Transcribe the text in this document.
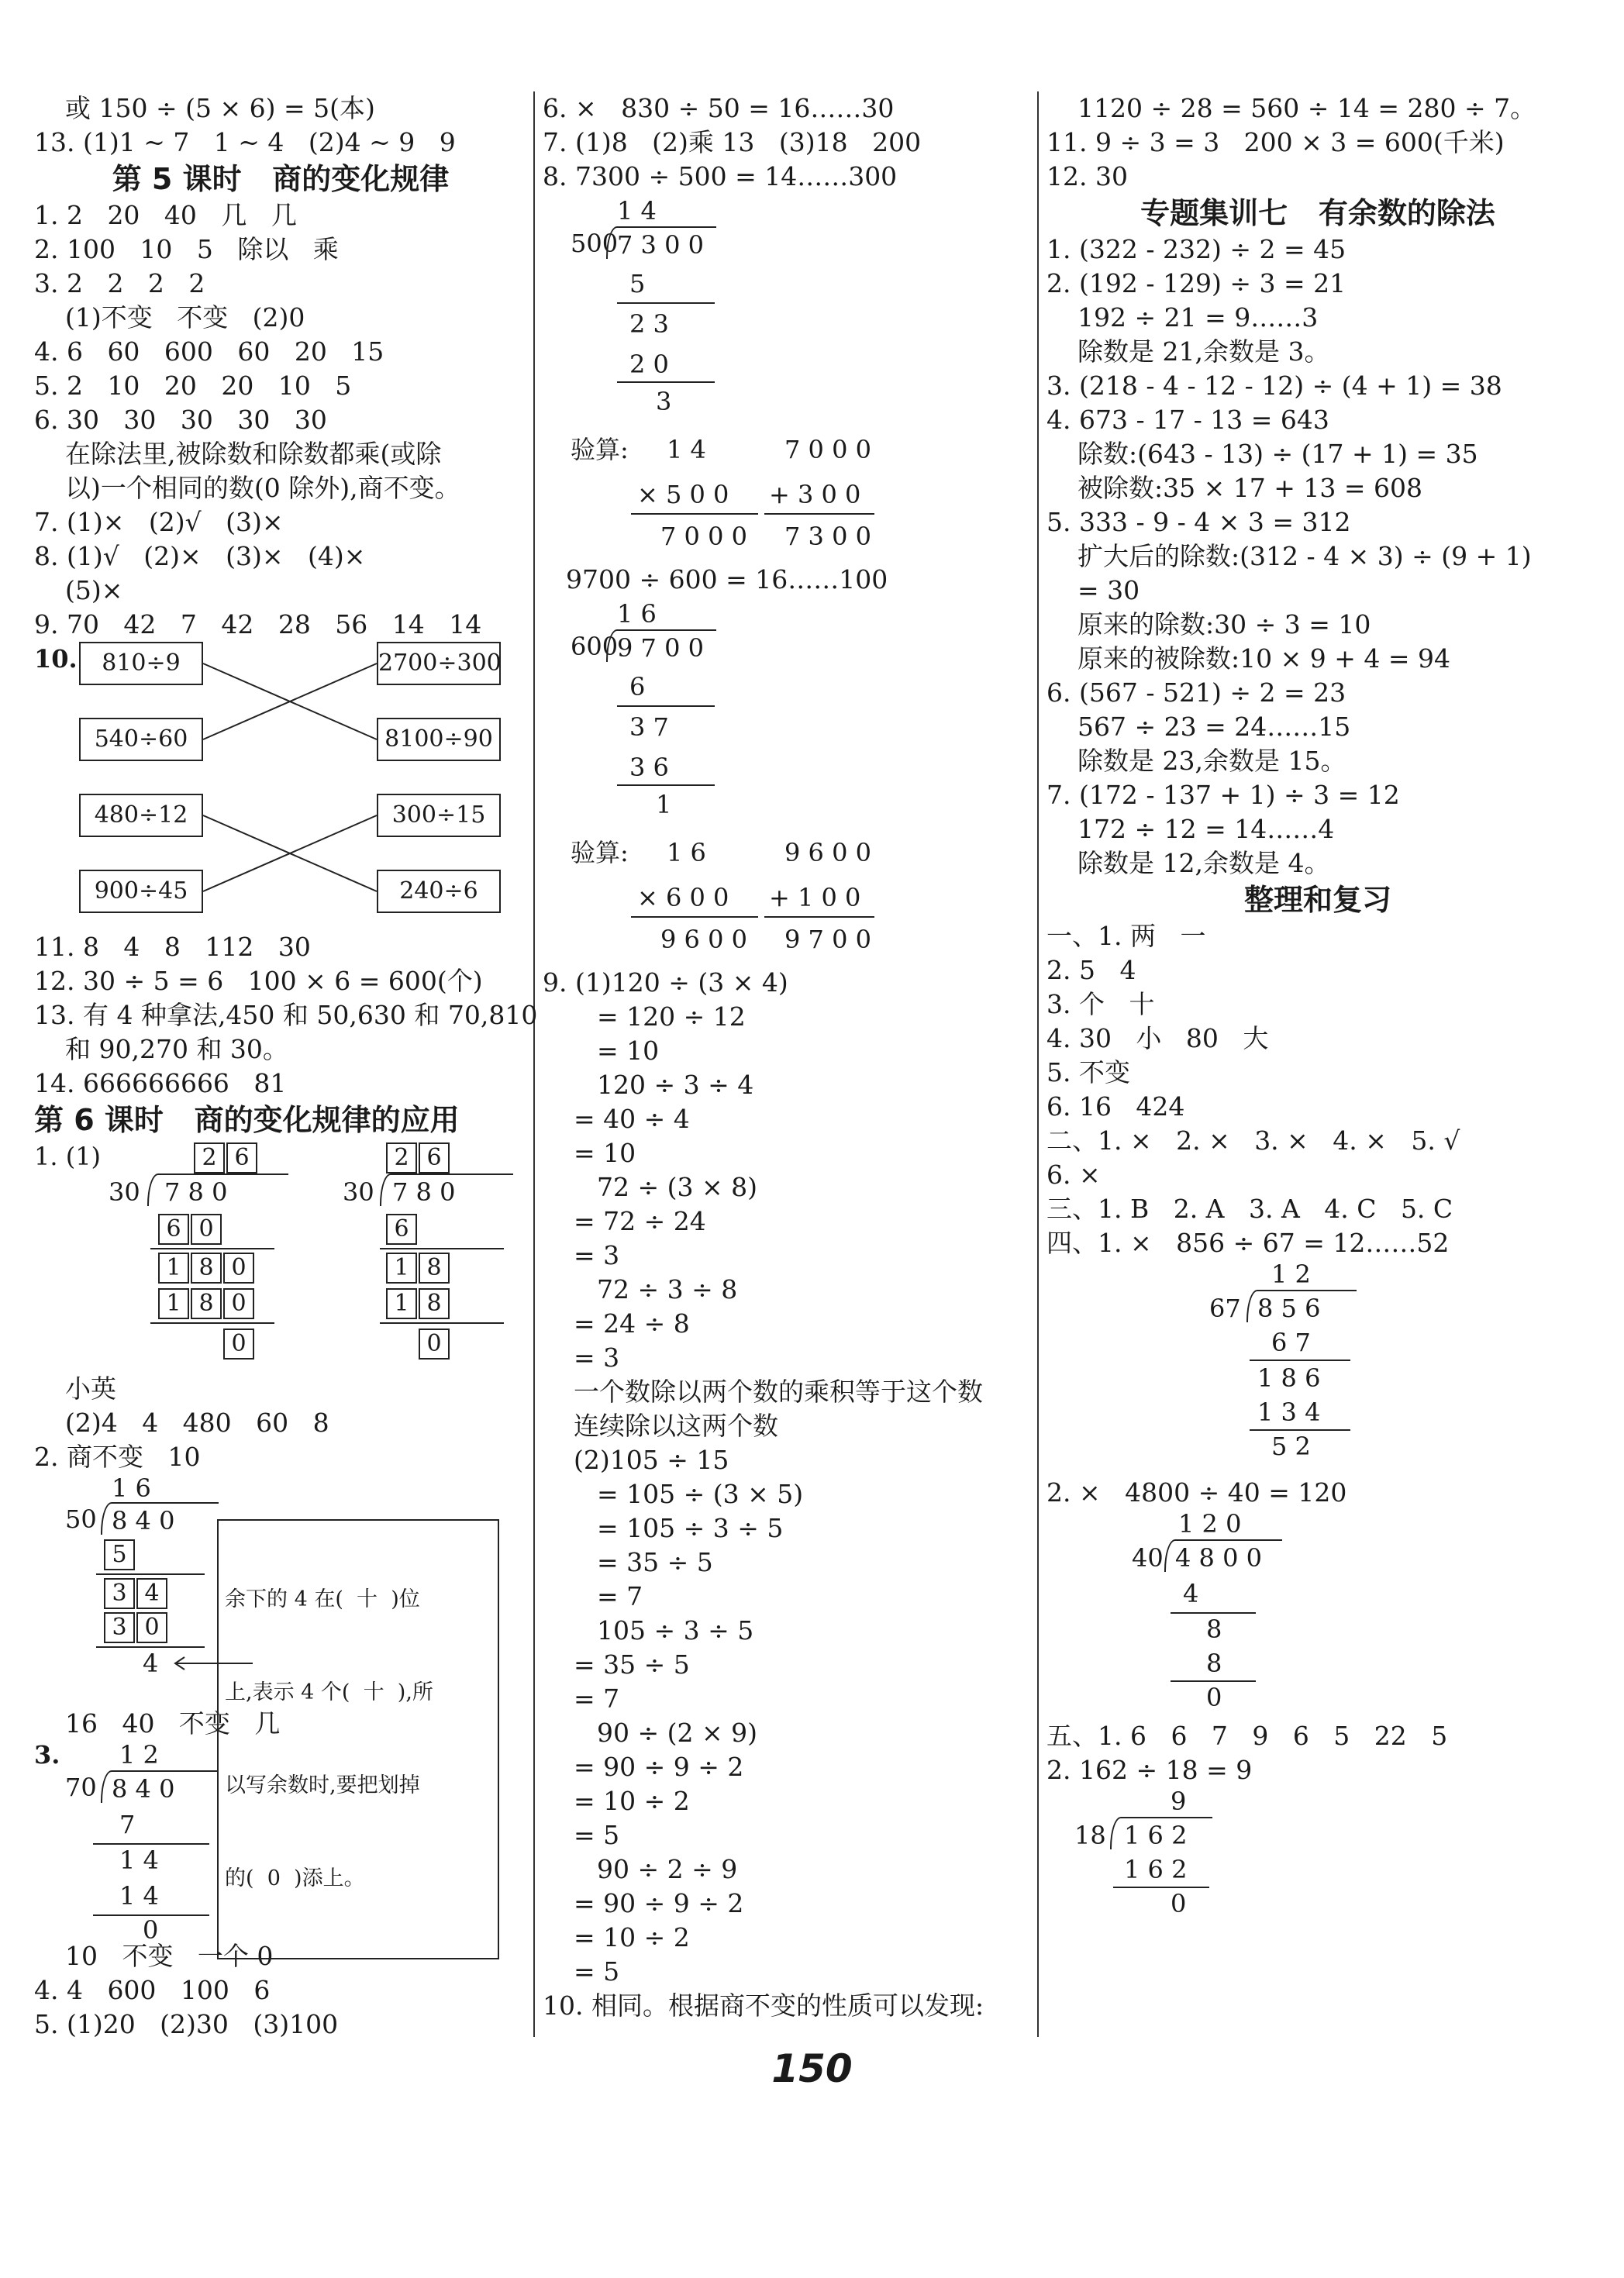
或 150 ÷ (5 × 6) = 5(本)
13. (1)1 ~ 7   1 ~ 4   (2)4 ~ 9   9
第 5 课时   商的变化规律
1. 2   20   40   几   几
2. 100   10   5   除以   乘
3. 2   2   2   2
(1)不变   不变   (2)0
4. 6   60   600   60   20   15
5. 2   10   20   20   10   5
6. 30   30   30   30   30
在除法里,被除数和除数都乘(或除
以)一个相同的数(0 除外),商不变。
7. (1)×   (2)√   (3)×
8. (1)√   (2)×   (3)×   (4)×
(5)×
9. 70   42   7   42   28   56   14   14
10.	810÷9	2700÷300
540÷60	8100÷90
480÷12	300÷15
900÷45	240÷6
11. 8   4   8   112   30
12. 30 ÷ 5 = 6   100 × 6 = 600(个)
13. 有 4 种拿法,450 和 50,630 和 70,810
和 90,270 和 30。
14. 666666666   81
第 6 课时   商的变化规律的应用
1. (1)	2 6
30 7 8 0
6 0
1 8 0
1 8 0
0
2 6
30 7 8 0
6
1 8
1 8
0
小英
(2)4   4   480   60   8
2. 商不变   10
1 6
50 8 4 0
5
3 4
3 0
4

余下的 4 在(  十  )位

上,表示 4 个(  十  ),所

以写余数时,要把划掉

的(  0  )添上。

16   40   不变   几
3. 1 2
70 8 4 0
7
1 4
1 4
0
10   不变   一个 0
4. 4   600   100   6
5. (1)20   (2)30   (3)100
6. ×   830 ÷ 50 = 16……30
7. (1)8   (2)乘 13   (3)18   200
8. 7300 ÷ 500 = 14……300
1 4
500
7 3 0 0
5
2 3
2 0
3
验算: 1 4
× 5 0 0
7 0 0 0
7 0 0 0
+ 3 0 0
7 3 0 0
9700 ÷ 600 = 16……100
1 6
600
9 7 0 0
6
3 7
3 6
1
验算: 1 6
× 6 0 0
9 6 0 0
9 6 0 0
+ 1 0 0
9 7 0 0
9. (1)120 ÷ (3 × 4)
= 120 ÷ 12
= 10
120 ÷ 3 ÷ 4
= 40 ÷ 4
= 10
72 ÷ (3 × 8)
= 72 ÷ 24
= 3
72 ÷ 3 ÷ 8
= 24 ÷ 8
= 3
一个数除以两个数的乘积等于这个数
连续除以这两个数
(2)105 ÷ 15
= 105 ÷ (3 × 5)
= 105 ÷ 3 ÷ 5
= 35 ÷ 5
= 7
105 ÷ 3 ÷ 5
= 35 ÷ 5
= 7
90 ÷ (2 × 9)
= 90 ÷ 9 ÷ 2
= 10 ÷ 2
= 5
90 ÷ 2 ÷ 9
= 90 ÷ 9 ÷ 2
= 10 ÷ 2
= 5
10. 相同。根据商不变的性质可以发现:
1120 ÷ 28 = 560 ÷ 14 = 280 ÷ 7。
11. 9 ÷ 3 = 3   200 × 3 = 600(千米)
12. 30
专题集训七   有余数的除法
1. (322 - 232) ÷ 2 = 45
2. (192 - 129) ÷ 3 = 21
192 ÷ 21 = 9……3
除数是 21,余数是 3。
3. (218 - 4 - 12 - 12) ÷ (4 + 1) = 38
4. 673 - 17 - 13 = 643
除数:(643 - 13) ÷ (17 + 1) = 35
被除数:35 × 17 + 13 = 608
5. 333 - 9 - 4 × 3 = 312
扩大后的除数:(312 - 4 × 3) ÷ (9 + 1)
= 30
原来的除数:30 ÷ 3 = 10
原来的被除数:10 × 9 + 4 = 94
6. (567 - 521) ÷ 2 = 23
567 ÷ 23 = 24……15
除数是 23,余数是 15。
7. (172 - 137 + 1) ÷ 3 = 12
172 ÷ 12 = 14……4
除数是 12,余数是 4。
整理和复习
一、1. 两   一
2. 5   4
3. 个   十
4. 30   小   80   大
5. 不变
6. 16   424
二、1. ×   2. ×   3. ×   4. ×   5. √
6. ×
三、1. B   2. A   3. A   4. C   5. C
四、1. ×   856 ÷ 67 = 12……52
1 2
67 8 5 6
6 7
1 8 6
1 3 4
5 2
2. ×   4800 ÷ 40 = 120
1 2 0
40 4 8 0 0
4
8
8
0
五、1. 6   6   7   9   6   5   22   5
2. 162 ÷ 18 = 9
9
18 1 6 2
1 6 2
0
150
